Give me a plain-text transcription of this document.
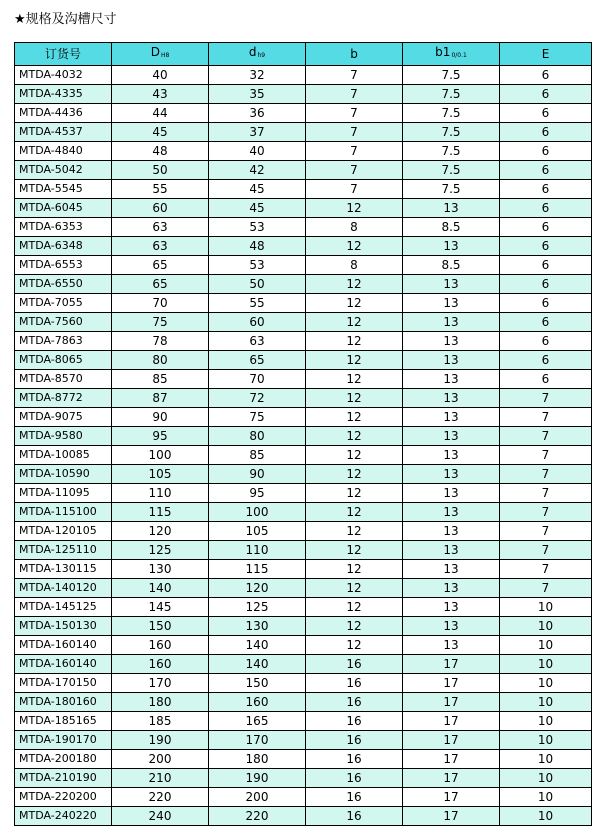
★规格及沟槽尺寸
订货号	DH8	dh9	b	b10/0.1	E
MTDA-4032	40	32	7	7.5	6
MTDA-4335	43	35	7	7.5	6
MTDA-4436	44	36	7	7.5	6
MTDA-4537	45	37	7	7.5	6
MTDA-4840	48	40	7	7.5	6
MTDA-5042	50	42	7	7.5	6
MTDA-5545	55	45	7	7.5	6
MTDA-6045	60	45	12	13	6
MTDA-6353	63	53	8	8.5	6
MTDA-6348	63	48	12	13	6
MTDA-6553	65	53	8	8.5	6
MTDA-6550	65	50	12	13	6
MTDA-7055	70	55	12	13	6
MTDA-7560	75	60	12	13	6
MTDA-7863	78	63	12	13	6
MTDA-8065	80	65	12	13	6
MTDA-8570	85	70	12	13	6
MTDA-8772	87	72	12	13	7
MTDA-9075	90	75	12	13	7
MTDA-9580	95	80	12	13	7
MTDA-10085	100	85	12	13	7
MTDA-10590	105	90	12	13	7
MTDA-11095	110	95	12	13	7
MTDA-115100	115	100	12	13	7
MTDA-120105	120	105	12	13	7
MTDA-125110	125	110	12	13	7
MTDA-130115	130	115	12	13	7
MTDA-140120	140	120	12	13	7
MTDA-145125	145	125	12	13	10
MTDA-150130	150	130	12	13	10
MTDA-160140	160	140	12	13	10
MTDA-160140	160	140	16	17	10
MTDA-170150	170	150	16	17	10
MTDA-180160	180	160	16	17	10
MTDA-185165	185	165	16	17	10
MTDA-190170	190	170	16	17	10
MTDA-200180	200	180	16	17	10
MTDA-210190	210	190	16	17	10
MTDA-220200	220	200	16	17	10
MTDA-240220	240	220	16	17	10
